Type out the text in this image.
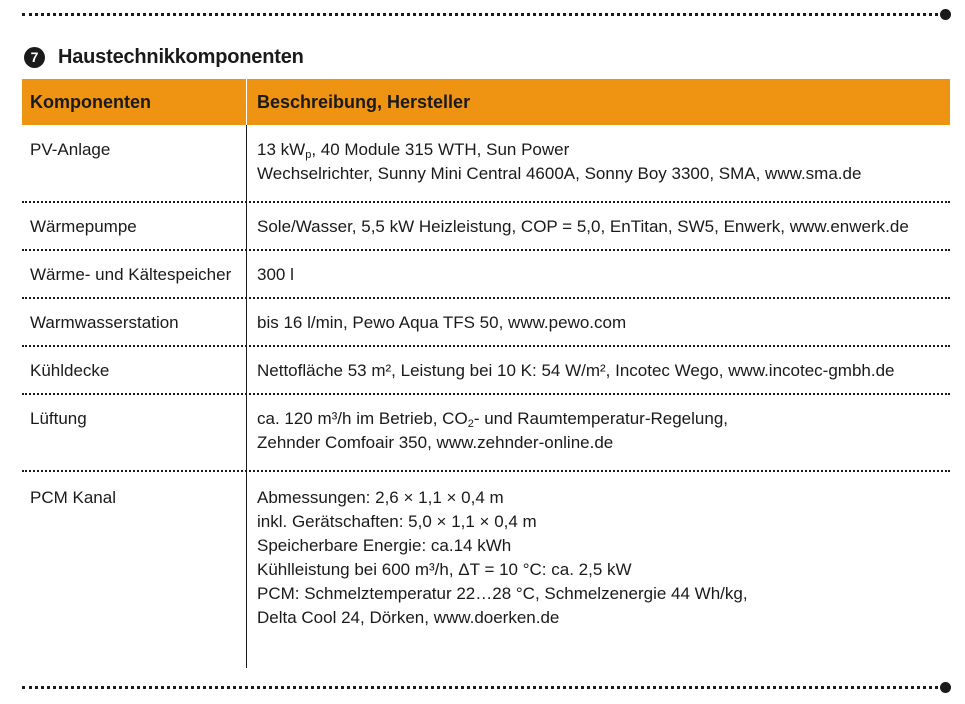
7 Haustechnikkomponenten
Komponenten	Beschreibung, Hersteller
PV-Anlage	13 $kW_p$, 40 Module 315 WTH, Sun Power
Wechselrichter, Sunny Mini Central 4600A, Sonny Boy 3300, SMA, www.sma.de
Wärmepumpe	Sole/Wasser, 5,5 kW Heizleistung, COP = 5,0, EnTitan, SW5, Enwerk, www.enwerk.de
Wärme- und Kältespeicher 300 l
Warmwasserstation	bis 16 l/min, Pewo Aqua TFS 50, www.pewo.com
Kühldecke	Nettofläche 53 m², Leistung bei 10 K: 54 W/m², Incotec Wego, www.incotec-gmbh.de
Lüftung	ca. 120 m³/h im Betrieb, $CO_2-$ und Raumtemperatur-Regelung,
Zehnder Comfoair 350, www.zehnder-online.de
PCM Kanal	Abmessungen: 2,6 × 1,1 × 0,4 m
inkl. Gerätschaften: 5,0 × 1,1 × 0,4 m
Speicherbare Energie: ca.14 kWh
Kühlleistung bei 600 m³/h, ΔT = 10 °C: ca. 2,5 kW
PCM: Schmelztemperatur 22…28 °C, Schmelzenergie 44 Wh/kg,
Delta Cool 24, Dörken, www.doerken.de
